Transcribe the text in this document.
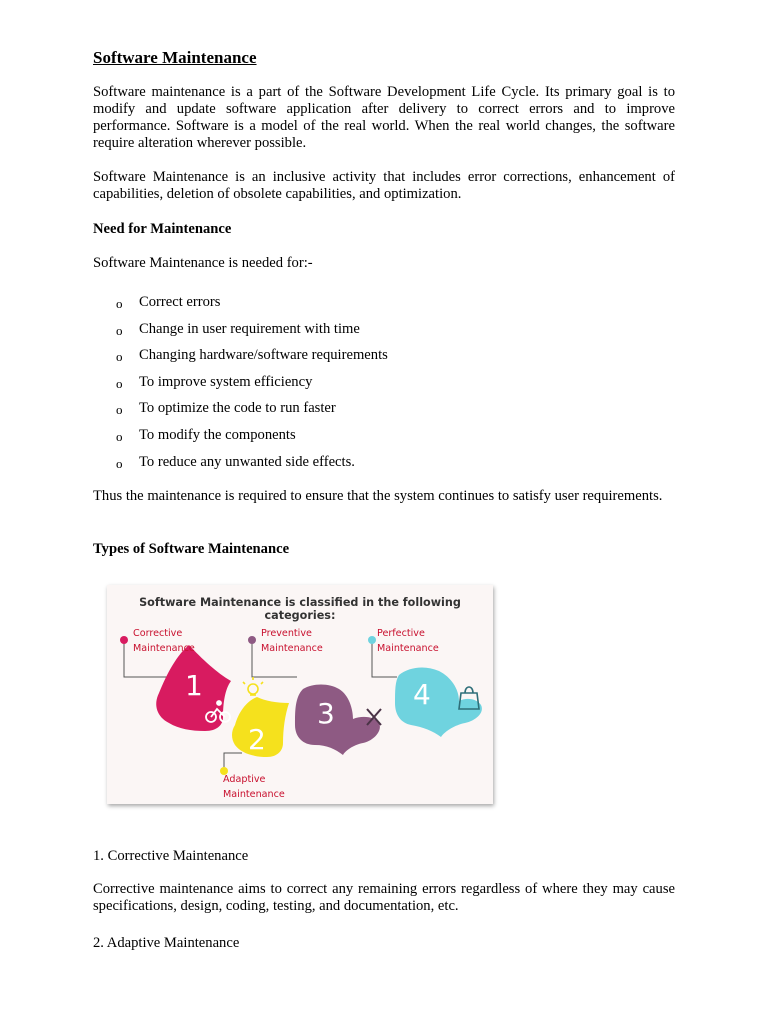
Software Maintenance

Software maintenance is a part of the Software Development Life Cycle. Its primary goal is to modify and update software application after delivery to correct errors and to improve performance. Software is a model of the real world. When the real world changes, the software require alteration wherever possible.

Software Maintenance is an inclusive activity that includes error corrections, enhancement of capabilities, deletion of obsolete capabilities, and optimization.

Need for Maintenance

Software Maintenance is needed for:-

o Correct errors
o Change in user requirement with time
o Changing hardware/software requirements
o To improve system efficiency
o To optimize the code to run faster
o To modify the components
o To reduce any unwanted side effects.

Thus the maintenance is required to ensure that the system continues to satisfy user requirements.

Types of Software Maintenance
Software Maintenance is classified in the following categories:
1
2
3
4
Corrective
Maintenance
Preventive
Maintenance
Perfective
Maintenance
Adaptive
Maintenance

1. Corrective Maintenance

Corrective maintenance aims to correct any remaining errors regardless of where they may cause specifications, design, coding, testing, and documentation, etc.

2. Adaptive Maintenance
